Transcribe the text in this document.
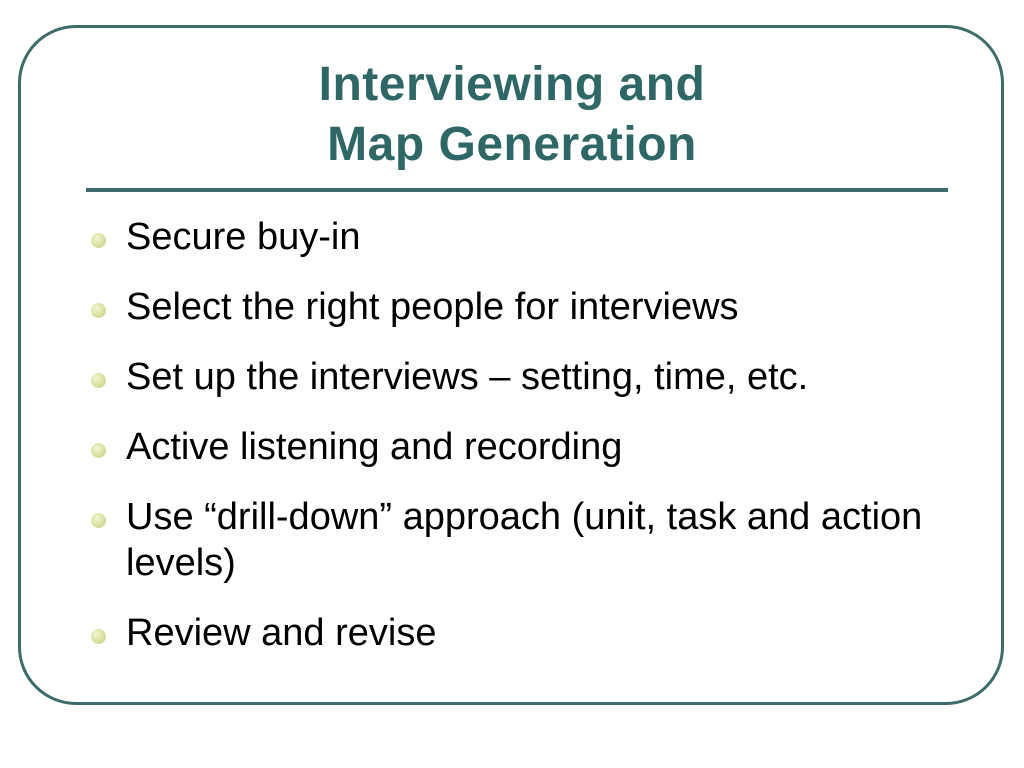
Interviewing and
Map Generation
Secure buy-in
Select the right people for interviews
Set up the interviews – setting, time, etc.
Active listening and recording
Use “drill-down” approach (unit, task and action levels)
Review and revise
